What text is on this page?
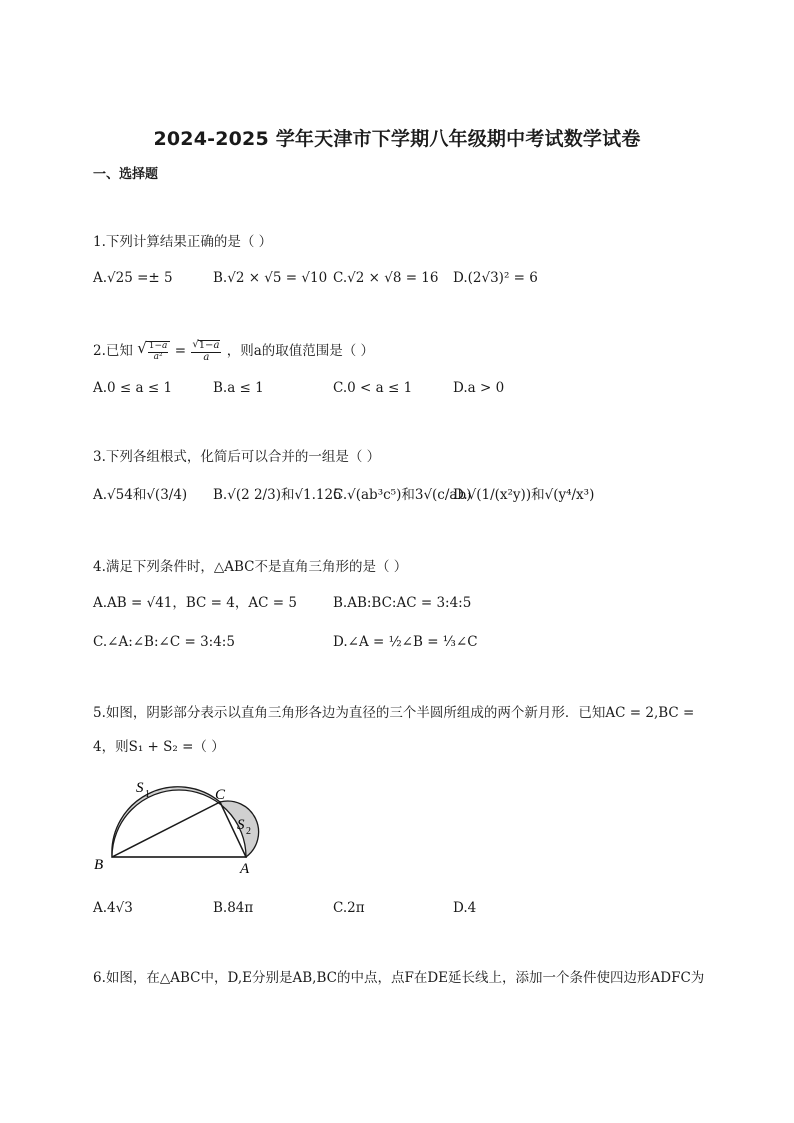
2024-2025 学年天津市下学期八年级期中考试数学试卷
一、选择题
1.下列计算结果正确的是（ ）
A.√25 =± 5	B.√2 × √5 = √10 C.√2 × √8 = 16 D.(2√3)² = 6
2.已知 √ $\frac{1-a}{\text{a²}} = \frac{√ 1-a}{a}$ ，则a的取值范围是（ ）
A.0 ≤ a ≤ 1	B.a ≤ 1	C.0 < a ≤ 1	D.a > 0
3.下列各组根式，化简后可以合并的一组是（ ）
A.√54和√(3/4) B.√(2 2/3)和√1.125
C.√(ab³c⁵)和3√(c/ab)
D.√(1/(x²y))和√(y⁴/x³)
4.满足下列条件时，△ABC不是直角三角形的是（ ）
A.AB = √41，BC = 4，AC = 5	B.AB:BC:AC = 3:4:5
C.∠A:∠B:∠C = 3:4:5	D.∠A = ½∠B = ⅓∠C
5.如图，阴影部分表示以直角三角形各边为直径的三个半圆所组成的两个新月形．已知AC = 2,BC =
4，则S₁ + S₂ =（ ）
B	A
C
S 1
S 2
A.4√3	B.84π	C.2π	D.4
6.如图，在△ABC中，D,E分别是AB,BC的中点，点F在DE延长线上，添加一个条件使四边形ADFC为
